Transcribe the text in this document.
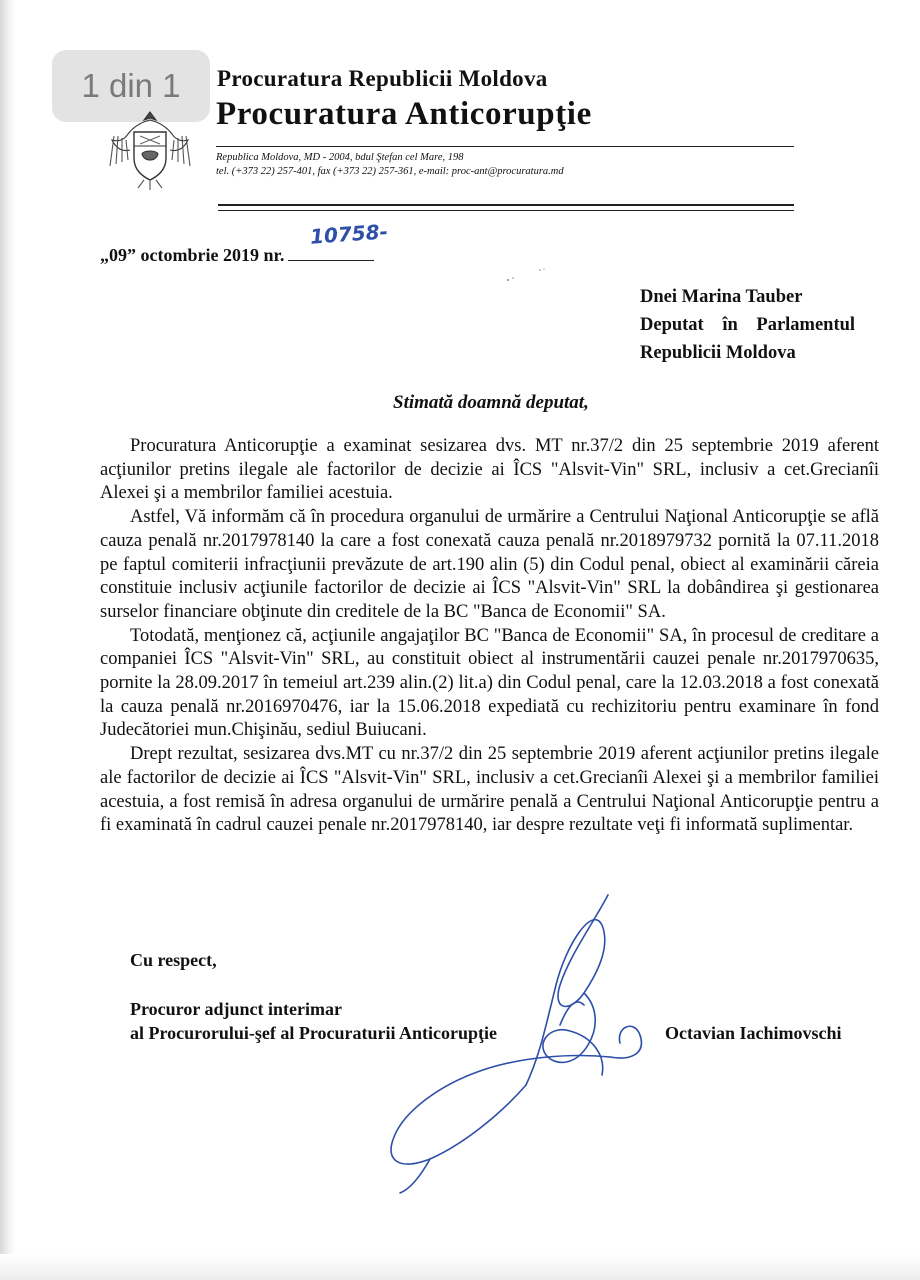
1 din 1	Procuratura Republicii Moldova
Procuratura Anticorupţie
Republica Moldova, MD - 2004, bdul Ştefan cel Mare, 198
tel. (+373 22) 257-401, fax (+373 22) 257-361, e-mail: proc-ant@procuratura.md
„09” octombrie 2019 nr.
10758-
Dnei Marina Tauber
Deputat în Parlamentul
Republicii Moldova
Stimată doamnă deputat,

Procuratura Anticorupţie a examinat sesizarea dvs. MT nr.37/2 din 25 septembrie 2019 aferent acţiunilor pretins ilegale ale factorilor de decizie ai ÎCS "Alsvit-Vin" SRL, inclusiv a cet.Grecianîi Alexei şi a membrilor familiei acestuia.

Astfel, Vă informăm că în procedura organului de urmărire a Centrului Naţional Anticorupţie se află cauza penală nr.2017978140 la care a fost conexată cauza penală nr.2018979732 pornită la 07.11.2018 pe faptul comiterii infracţiunii prevăzute de art.190 alin (5) din Codul penal, obiect al examinării căreia constituie inclusiv acţiunile factorilor de decizie ai ÎCS "Alsvit-Vin" SRL la dobândirea şi gestionarea surselor financiare obţinute din creditele de la BC "Banca de Economii" SA.

Totodată, menţionez că, acţiunile angajaţilor BC "Banca de Economii" SA, în procesul de creditare a companiei ÎCS "Alsvit-Vin" SRL, au constituit obiect al instrumentării cauzei penale nr.2017970635, pornite la 28.09.2017 în temeiul art.239 alin.(2) lit.a) din Codul penal, care la 12.03.2018 a fost conexată la cauza penală nr.2016970476, iar la 15.06.2018 expediată cu rechizitoriu pentru examinare în fond Judecătoriei mun.Chişinău, sediul Buiucani.

Drept rezultat, sesizarea dvs.MT cu nr.37/2 din 25 septembrie 2019 aferent acţiunilor pretins ilegale ale factorilor de decizie ai ÎCS "Alsvit-Vin" SRL, inclusiv a cet.Grecianîi Alexei şi a membrilor familiei acestuia, a fost remisă în adresa organului de urmărire penală a Centrului Naţional Anticorupţie pentru a fi examinată în cadrul cauzei penale nr.2017978140, iar despre rezultate veţi fi informată suplimentar.

Cu respect,
Procuror adjunct interimar
al Procurorului-şef al Procuraturii Anticorupţie	Octavian Iachimovschi
